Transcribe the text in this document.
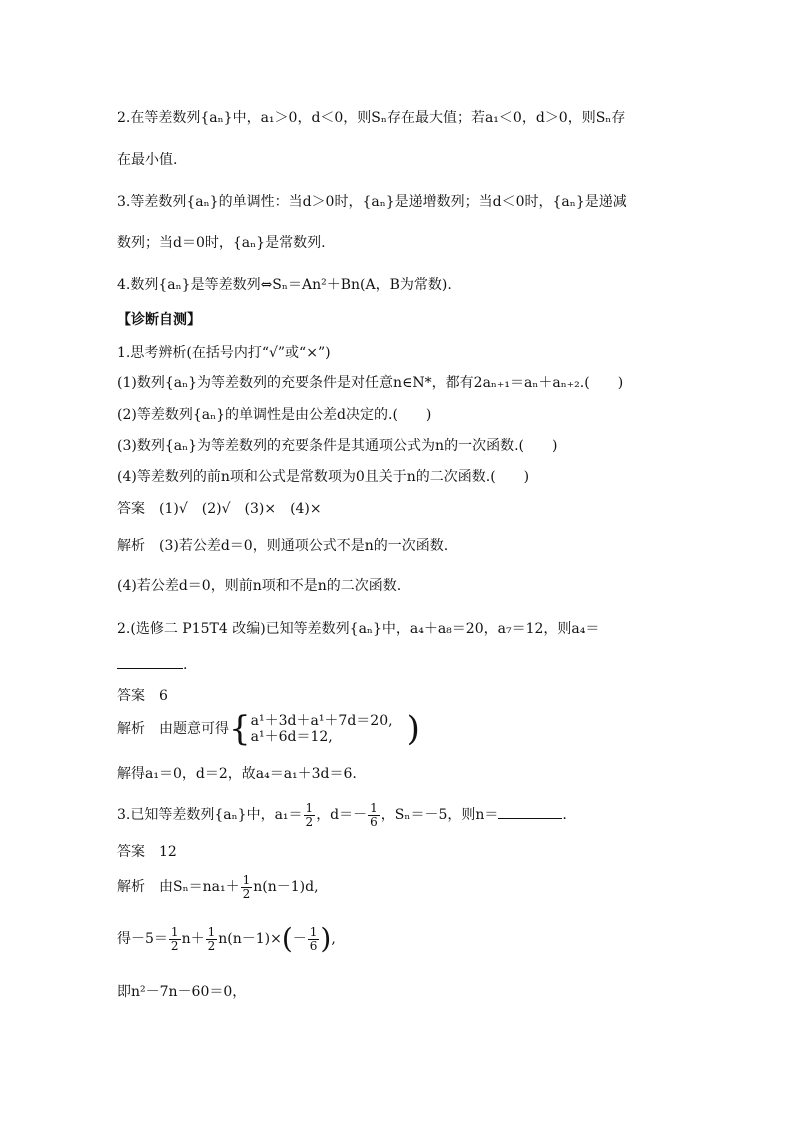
2.在等差数列{aₙ}中，a₁＞0，d＜0，则Sₙ存在最大值；若a₁＜0，d＞0，则Sₙ存
在最小值.
3.等差数列{aₙ}的单调性：当d＞0时，{aₙ}是递增数列；当d＜0时，{aₙ}是递减
数列；当d＝0时，{aₙ}是常数列.
4.数列{aₙ}是等差数列⇔Sₙ＝An²＋Bn(A，B为常数).
【诊断自测】
1.思考辨析(在括号内打“√”或“×”)
(1)数列{aₙ}为等差数列的充要条件是对任意n∈N*，都有2aₙ₊₁＝aₙ＋aₙ₊₂.(　　)
(2)等差数列{aₙ}的单调性是由公差d决定的.(　　)
(3)数列{aₙ}为等差数列的充要条件是其通项公式为n的一次函数.(　　)
(4)等差数列的前n项和公式是常数项为0且关于n的二次函数.(　　)
答案　(1)√　(2)√　(3)×　(4)×
解析　(3)若公差d＝0，则通项公式不是n的一次函数.
(4)若公差d＝0，则前n项和不是n的二次函数.
2.(选修二 P15T4 改编)已知等差数列{aₙ}中，a₄＋a₈＝20，a₇＝12，则a₄＝
.
答案　6
解析　由题意可得{ a¹＋3d＋a¹＋7d＝20,
a¹＋6d＝12,	)
解得a₁＝0，d＝2，故a₄＝a₁＋3d＝6.
3.已知等差数列{aₙ}中，$a_1= \frac{1}{2}$ ，$d=- \frac{1}{6}$ ，Sₙ＝－5，则n＝	.
答案　12
解析　由$S_n=na_1+ \frac{1}{2} n(n-1)d$,
得$-5= \frac{1}{2} n+ \frac{1}{2} n(n-1)\times(- \frac{1}{6}$ ),
即n²－7n－60＝0，
